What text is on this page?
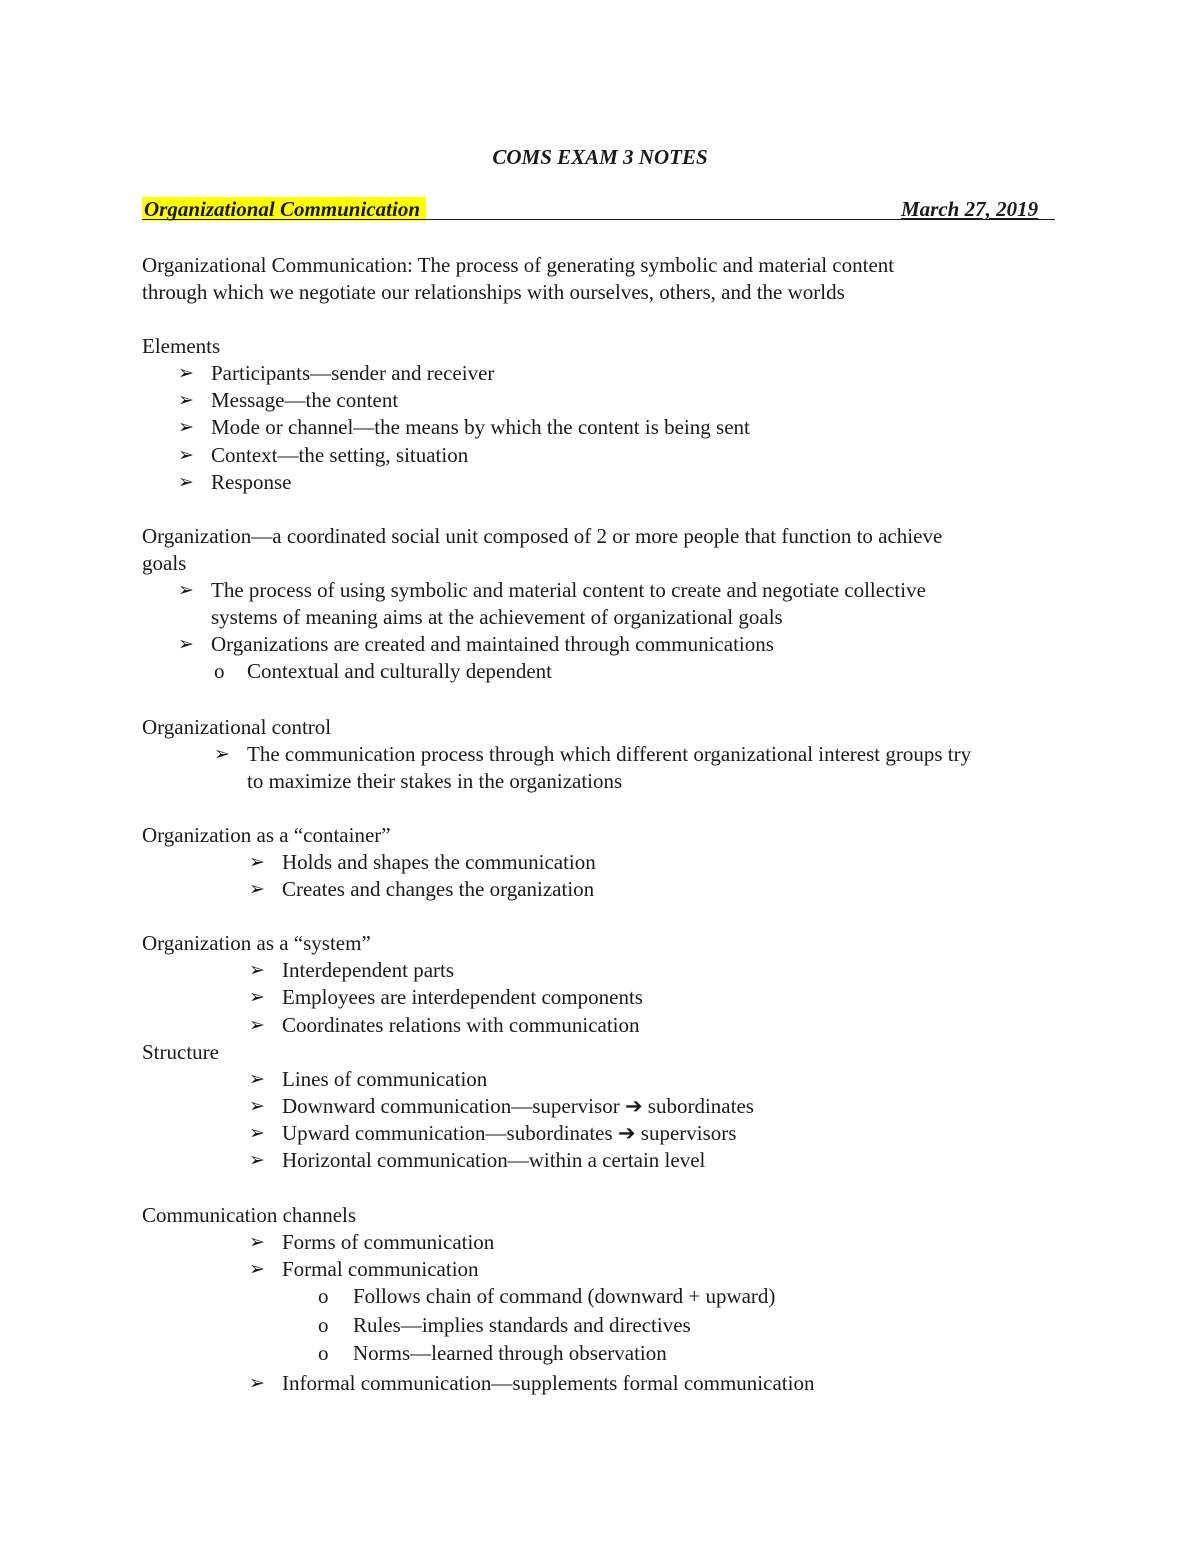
COMS EXAM 3 NOTES
Organizational Communication	March 27, 2019
Organizational Communication: The process of generating symbolic and material content
through which we negotiate our relationships with ourselves, others, and the worlds
Elements
➢ Participants—sender and receiver
➢ Message—the content
➢ Mode or channel—the means by which the content is being sent
➢ Context—the setting, situation
➢ Response
Organization—a coordinated social unit composed of 2 or more people that function to achieve
goals
➢ The process of using symbolic and material content to create and negotiate collective
systems of meaning aims at the achievement of organizational goals
➢ Organizations are created and maintained through communications
o Contextual and culturally dependent
Organizational control
➢ The communication process through which different organizational interest groups try
to maximize their stakes in the organizations
Organization as a “container”
➢ Holds and shapes the communication
➢ Creates and changes the organization
Organization as a “system”
➢ Interdependent parts
➢ Employees are interdependent components
➢ Coordinates relations with communication
Structure
➢ Lines of communication
➢ Downward communication—supervisor ➔ subordinates
➢ Upward communication—subordinates ➔ supervisors
➢ Horizontal communication—within a certain level
Communication channels
➢ Forms of communication
➢ Formal communication
o Follows chain of command (downward + upward)
o Rules—implies standards and directives
o Norms—learned through observation
➢ Informal communication—supplements formal communication
